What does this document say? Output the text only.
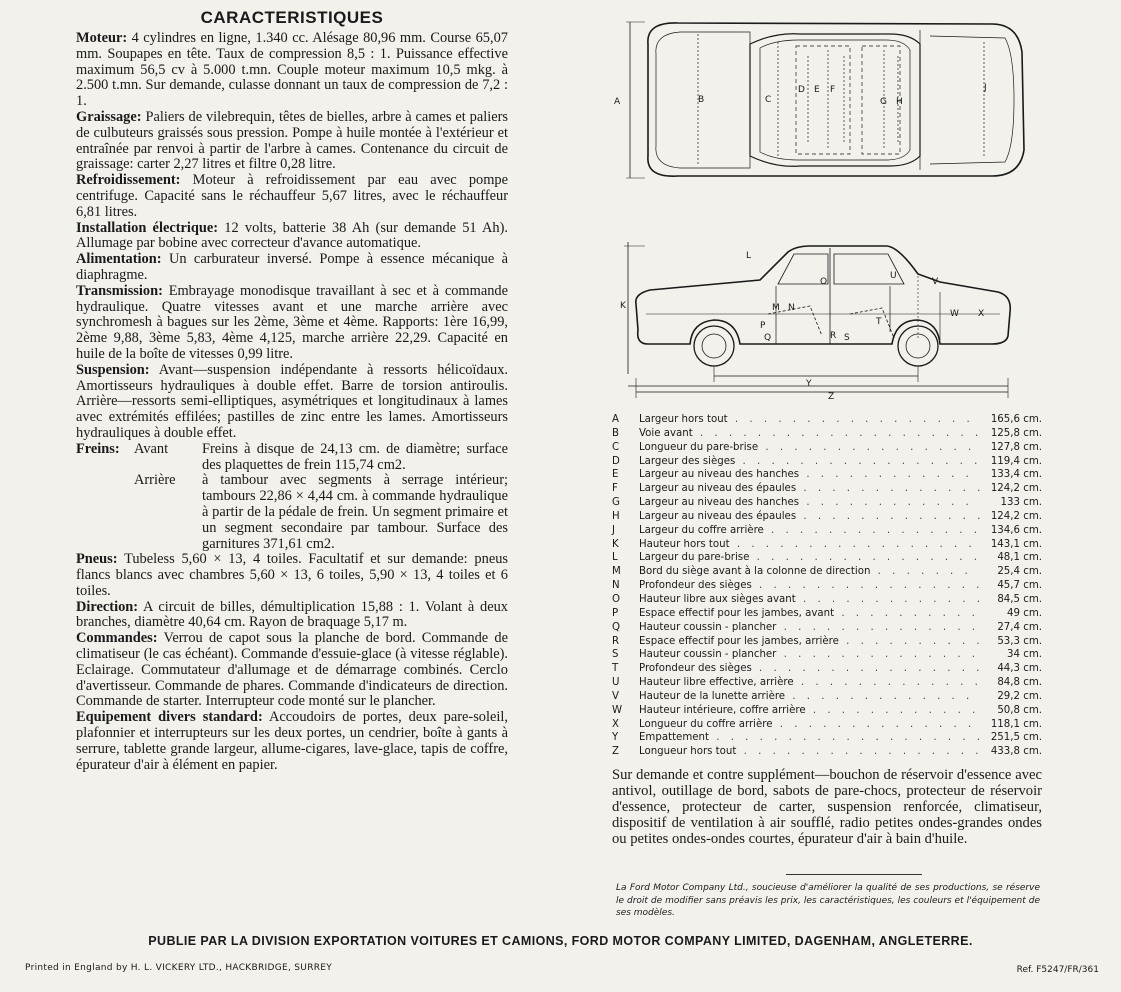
CARACTERISTIQUES

Moteur: 4 cylindres en ligne, 1.340 cc. Alésage 80,96 mm. Course 65,07 mm. Soupapes en tête. Taux de compression 8,5 : 1. Puissance effective maximum 56,5 cv à 5.000 t.mn. Couple moteur maximum 10,5 mkg. à 2.500 t.mn. Sur demande, culasse donnant un taux de compression de 7,2 : 1.

Graissage: Paliers de vilebrequin, têtes de bielles, arbre à cames et paliers de culbuteurs graissés sous pression. Pompe à huile montée à l'extérieur et entraînée par renvoi à partir de l'arbre à cames. Contenance du circuit de graissage: carter 2,27 litres et filtre 0,28 litre.

Refroidissement: Moteur à refroidissement par eau avec pompe centrifuge. Capacité sans le réchauffeur 5,67 litres, avec le réchauffeur 6,81 litres.

Installation électrique: 12 volts, batterie 38 Ah (sur demande 51 Ah). Allumage par bobine avec correcteur d'avance automatique.

Alimentation: Un carburateur inversé. Pompe à essence mécanique à diaphragme.

Transmission: Embrayage monodisque travaillant à sec et à commande hydraulique. Quatre vitesses avant et une marche arrière avec synchromesh à bagues sur les 2ème, 3ème et 4ème. Rapports: 1ère 16,99, 2ème 9,88, 3ème 5,83, 4ème 4,125, marche arrière 22,29. Capacité en huile de la boîte de vitesses 0,99 litre.

Suspension: Avant—suspension indépendante à ressorts hélicoïdaux. Amortisseurs hydrauliques à double effet. Barre de torsion antiroulis. Arrière—ressorts semi-elliptiques, asymétriques et longitudinaux à lames avec extrémités effilées; pastilles de zinc entre les lames. Amortisseurs hydrauliques à double effet.

Freins: Avant	Freins à disque de 24,13 cm. de diamètre; surface des plaquettes de frein 115,74 cm2.
Arrière	à tambour avec segments à serrage intérieur; tambours 22,86 × 4,44 cm. à commande hydraulique à partir de la pédale de frein. Un segment primaire et un segment secondaire par tambour. Surface des garnitures 371,61 cm2.

Pneus: Tubeless 5,60 × 13, 4 toiles. Facultatif et sur demande: pneus flancs blancs avec chambres 5,60 × 13, 6 toiles, 5,90 × 13, 4 toiles et 6 toiles.

Direction: A circuit de billes, démultiplication 15,88 : 1. Volant à deux branches, diamètre 40,64 cm. Rayon de braquage 5,17 m.

Commandes: Verrou de capot sous la planche de bord. Commande de climatiseur (le cas échéant). Commande d'essuie-glace (à vitesse réglable). Eclairage. Commutateur d'allumage et de démarrage combinés. Cerclo d'avertisseur. Commande de phares. Commande d'indicateurs de direction. Commande de starter. Interrupteur code monté sur le plancher.

Equipement divers standard: Accoudoirs de portes, deux pare-soleil, plafonnier et interrupteurs sur les deux portes, un cendrier, boîte à gants à serrure, tablette grande largeur, allume-cigares, lave-glace, tapis de coffre, épurateur d'air à élément en papier.

A	B	C
D E F
G H
J
K
L
M N
O
P
Q	R S
T
U
V
W X
Y
Z
A	Largeur hors tout . . .	165,6 cm.
B	Voie avant . . .	125,8 cm.
C	Longueur du pare-brise . . .	127,8 cm.
D	Largeur des sièges . . .	119,4 cm.
E	Largeur au niveau des hanches . . .	133,4 cm.
F	Largeur au niveau des épaules . . .	124,2 cm.
G	Largeur au niveau des hanches . . .	133 cm.
H	Largeur au niveau des épaules . . .	124,2 cm.
J	Largeur du coffre arrière . . .	134,6 cm.
K	Hauteur hors tout . . .	143,1 cm.
L	Largeur du pare-brise . . .	48,1 cm.
M	Bord du siège avant à la colonne de direction . . .	25,4 cm.
N	Profondeur des sièges . . .	45,7 cm.
O	Hauteur libre aux sièges avant . . .	84,5 cm.
P	Espace effectif pour les jambes, avant . . .	49 cm.
Q	Hauteur coussin - plancher . . .	27,4 cm.
R	Espace effectif pour les jambes, arrière . . .	53,3 cm.
S	Hauteur coussin - plancher . . .	34 cm.
T	Profondeur des sièges . . .	44,3 cm.
U	Hauteur libre effective, arrière . . .	84,8 cm.
V	Hauteur de la lunette arrière . . .	29,2 cm.
W	Hauteur intérieure, coffre arrière . . .	50,8 cm.
X	Longueur du coffre arrière . . .	118,1 cm.
Y	Empattement . . .	251,5 cm.
Z	Longueur hors tout . . .	433,8 cm.
Sur demande et contre supplément—bouchon de réservoir d'essence avec antivol, outillage de bord, sabots de pare-chocs, protecteur de réservoir d'essence, protecteur de carter, suspension renforcée, climatiseur, dispositif de ventilation à air soufflé, radio petites ondes-grandes ondes ou petites ondes-ondes courtes, épurateur d'air à bain d'huile.
La Ford Motor Company Ltd., soucieuse d'améliorer la qualité de ses productions, se réserve le droit de modifier sans préavis les prix, les caractéristiques, les couleurs et l'équipement de ses modèles.
PUBLIE PAR LA DIVISION EXPORTATION VOITURES ET CAMIONS, FORD MOTOR COMPANY LIMITED, DAGENHAM, ANGLETERRE.
Printed in England by H. L. VICKERY LTD., HACKBRIDGE, SURREY	Ref. F5247/FR/361
